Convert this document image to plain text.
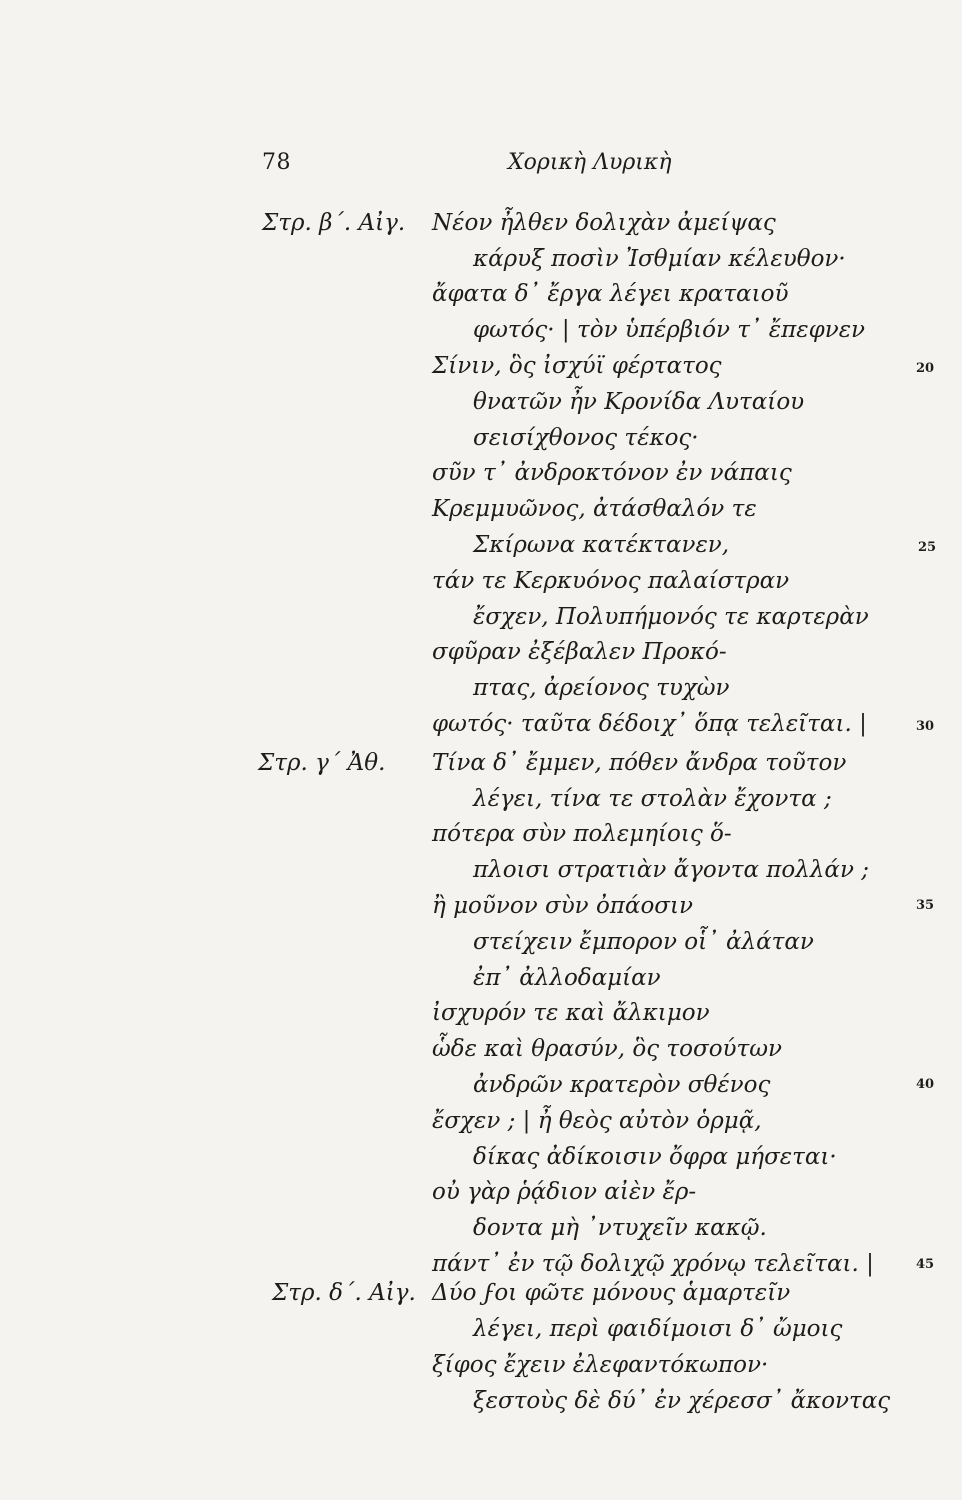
78	Χορικὴ Λυρικὴ
Στρ. β΄. Αἰγ.
Στρ. γ΄ Ἀθ.
Στρ. δ΄. Αἰγ.
Νέον ἦλθεν δολιχὰν ἀμείψας
κάρυξ ποσὶν Ἰσθμίαν κέλευθον·
ἄφατα δ᾽ ἔργα λέγει κραταιοῦ
φωτός· | τὸν ὑπέρβιόν τ᾽ ἔπεφνεν
Σίνιν, ὃς ἰσχύϊ φέρτατος
θνατῶν ἦν Κρονίδα Λυταίου
σεισίχθονος τέκος·
σῦν τ᾽ ἀνδροκτόνον ἐν νάπαις
Κρεμμυῶνος, ἀτάσθαλόν τε
Σκίρωνα κατέκτανεν,
τάν τε Κερκυόνος παλαίστραν
ἔσχεν, Πολυπήμονός τε καρτερὰν
σφῦραν ἐξέβαλεν Προκό-
πτας, ἀρείονος τυχὼν
φωτός· ταῦτα δέδοιχ᾽ ὅπᾳ τελεῖται. |
Τίνα δ᾽ ἔμμεν, πόθεν ἄνδρα τοῦτον
λέγει, τίνα τε στολὰν ἔχοντα ;
πότερα σὺν πολεμηίοις ὅ-
πλοισι στρατιὰν ἄγοντα πολλάν ;
ἢ μοῦνον σὺν ὀπάοσιν
στείχειν ἔμπορον οἷ᾽ ἀλάταν
ἐπ᾽ ἀλλοδαμίαν
ἰσχυρόν τε καὶ ἄλκιμον
ὧδε καὶ θρασύν, ὃς τοσούτων
ἀνδρῶν κρατερὸν σθένος
ἔσχεν ; | ἦ θεὸς αὐτὸν ὁρμᾷ,
δίκας ἀδίκοισιν ὄφρα μήσεται·
οὐ γὰρ ῥᾴδιον αἰὲν ἔρ-
δοντα μὴ ᾽ντυχεῖν κακῷ.
πάντ᾽ ἐν τῷ δολιχῷ χρόνῳ τελεῖται. |
Δύο ϝοι φῶτε μόνους ἁμαρτεῖν
λέγει, περὶ φαιδίμοισι δ᾽ ὤμοις
ξίφος ἔχειν ἐλεφαντόκωπον·
ξεστοὺς δὲ δύ᾽ ἐν χέρεσσ᾽ ἄκοντας
20
25
30
35
40
45
